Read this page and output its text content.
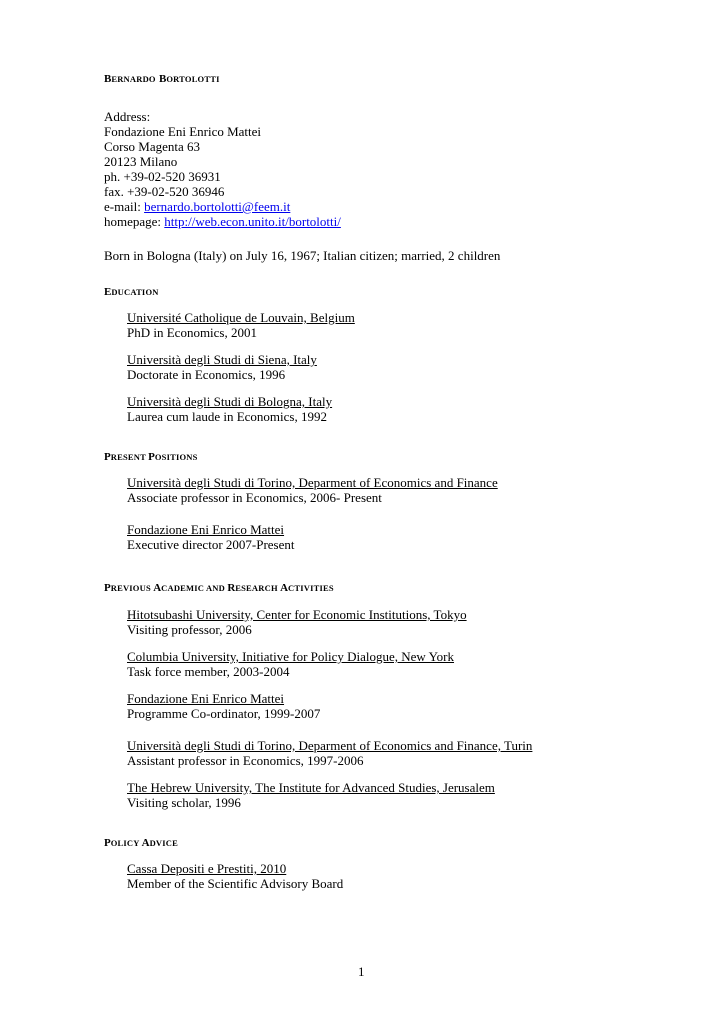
BERNARDO BORTOLOTTI
Address:
Fondazione Eni Enrico Mattei
Corso Magenta 63
20123 Milano
ph. +39-02-520 36931
fax. +39-02-520 36946
e-mail: bernardo.bortolotti@feem.it
homepage: http://web.econ.unito.it/bortolotti/
Born in Bologna (Italy) on July 16, 1967; Italian citizen; married, 2 children
EDUCATION
Université Catholique de Louvain, Belgium
PhD in Economics, 2001
Università degli Studi di Siena, Italy
Doctorate in Economics, 1996
Università degli Studi di Bologna, Italy
Laurea cum laude in Economics, 1992
PRESENT POSITIONS
Università degli Studi di Torino, Deparment of Economics and Finance
Associate professor in Economics, 2006- Present
Fondazione Eni Enrico Mattei
Executive director 2007-Present
PREVIOUS ACADEMIC AND RESEARCH ACTIVITIES
Hitotsubashi University, Center for Economic Institutions, Tokyo
Visiting professor, 2006
Columbia University, Initiative for Policy Dialogue, New York
Task force member, 2003-2004
Fondazione Eni Enrico Mattei
Programme Co-ordinator, 1999-2007
Università degli Studi di Torino, Deparment of Economics and Finance, Turin
Assistant professor in Economics, 1997-2006
The Hebrew University, The Institute for Advanced Studies, Jerusalem
Visiting scholar, 1996
POLICY ADVICE
Cassa Depositi e Prestiti, 2010
Member of the Scientific Advisory Board
1
